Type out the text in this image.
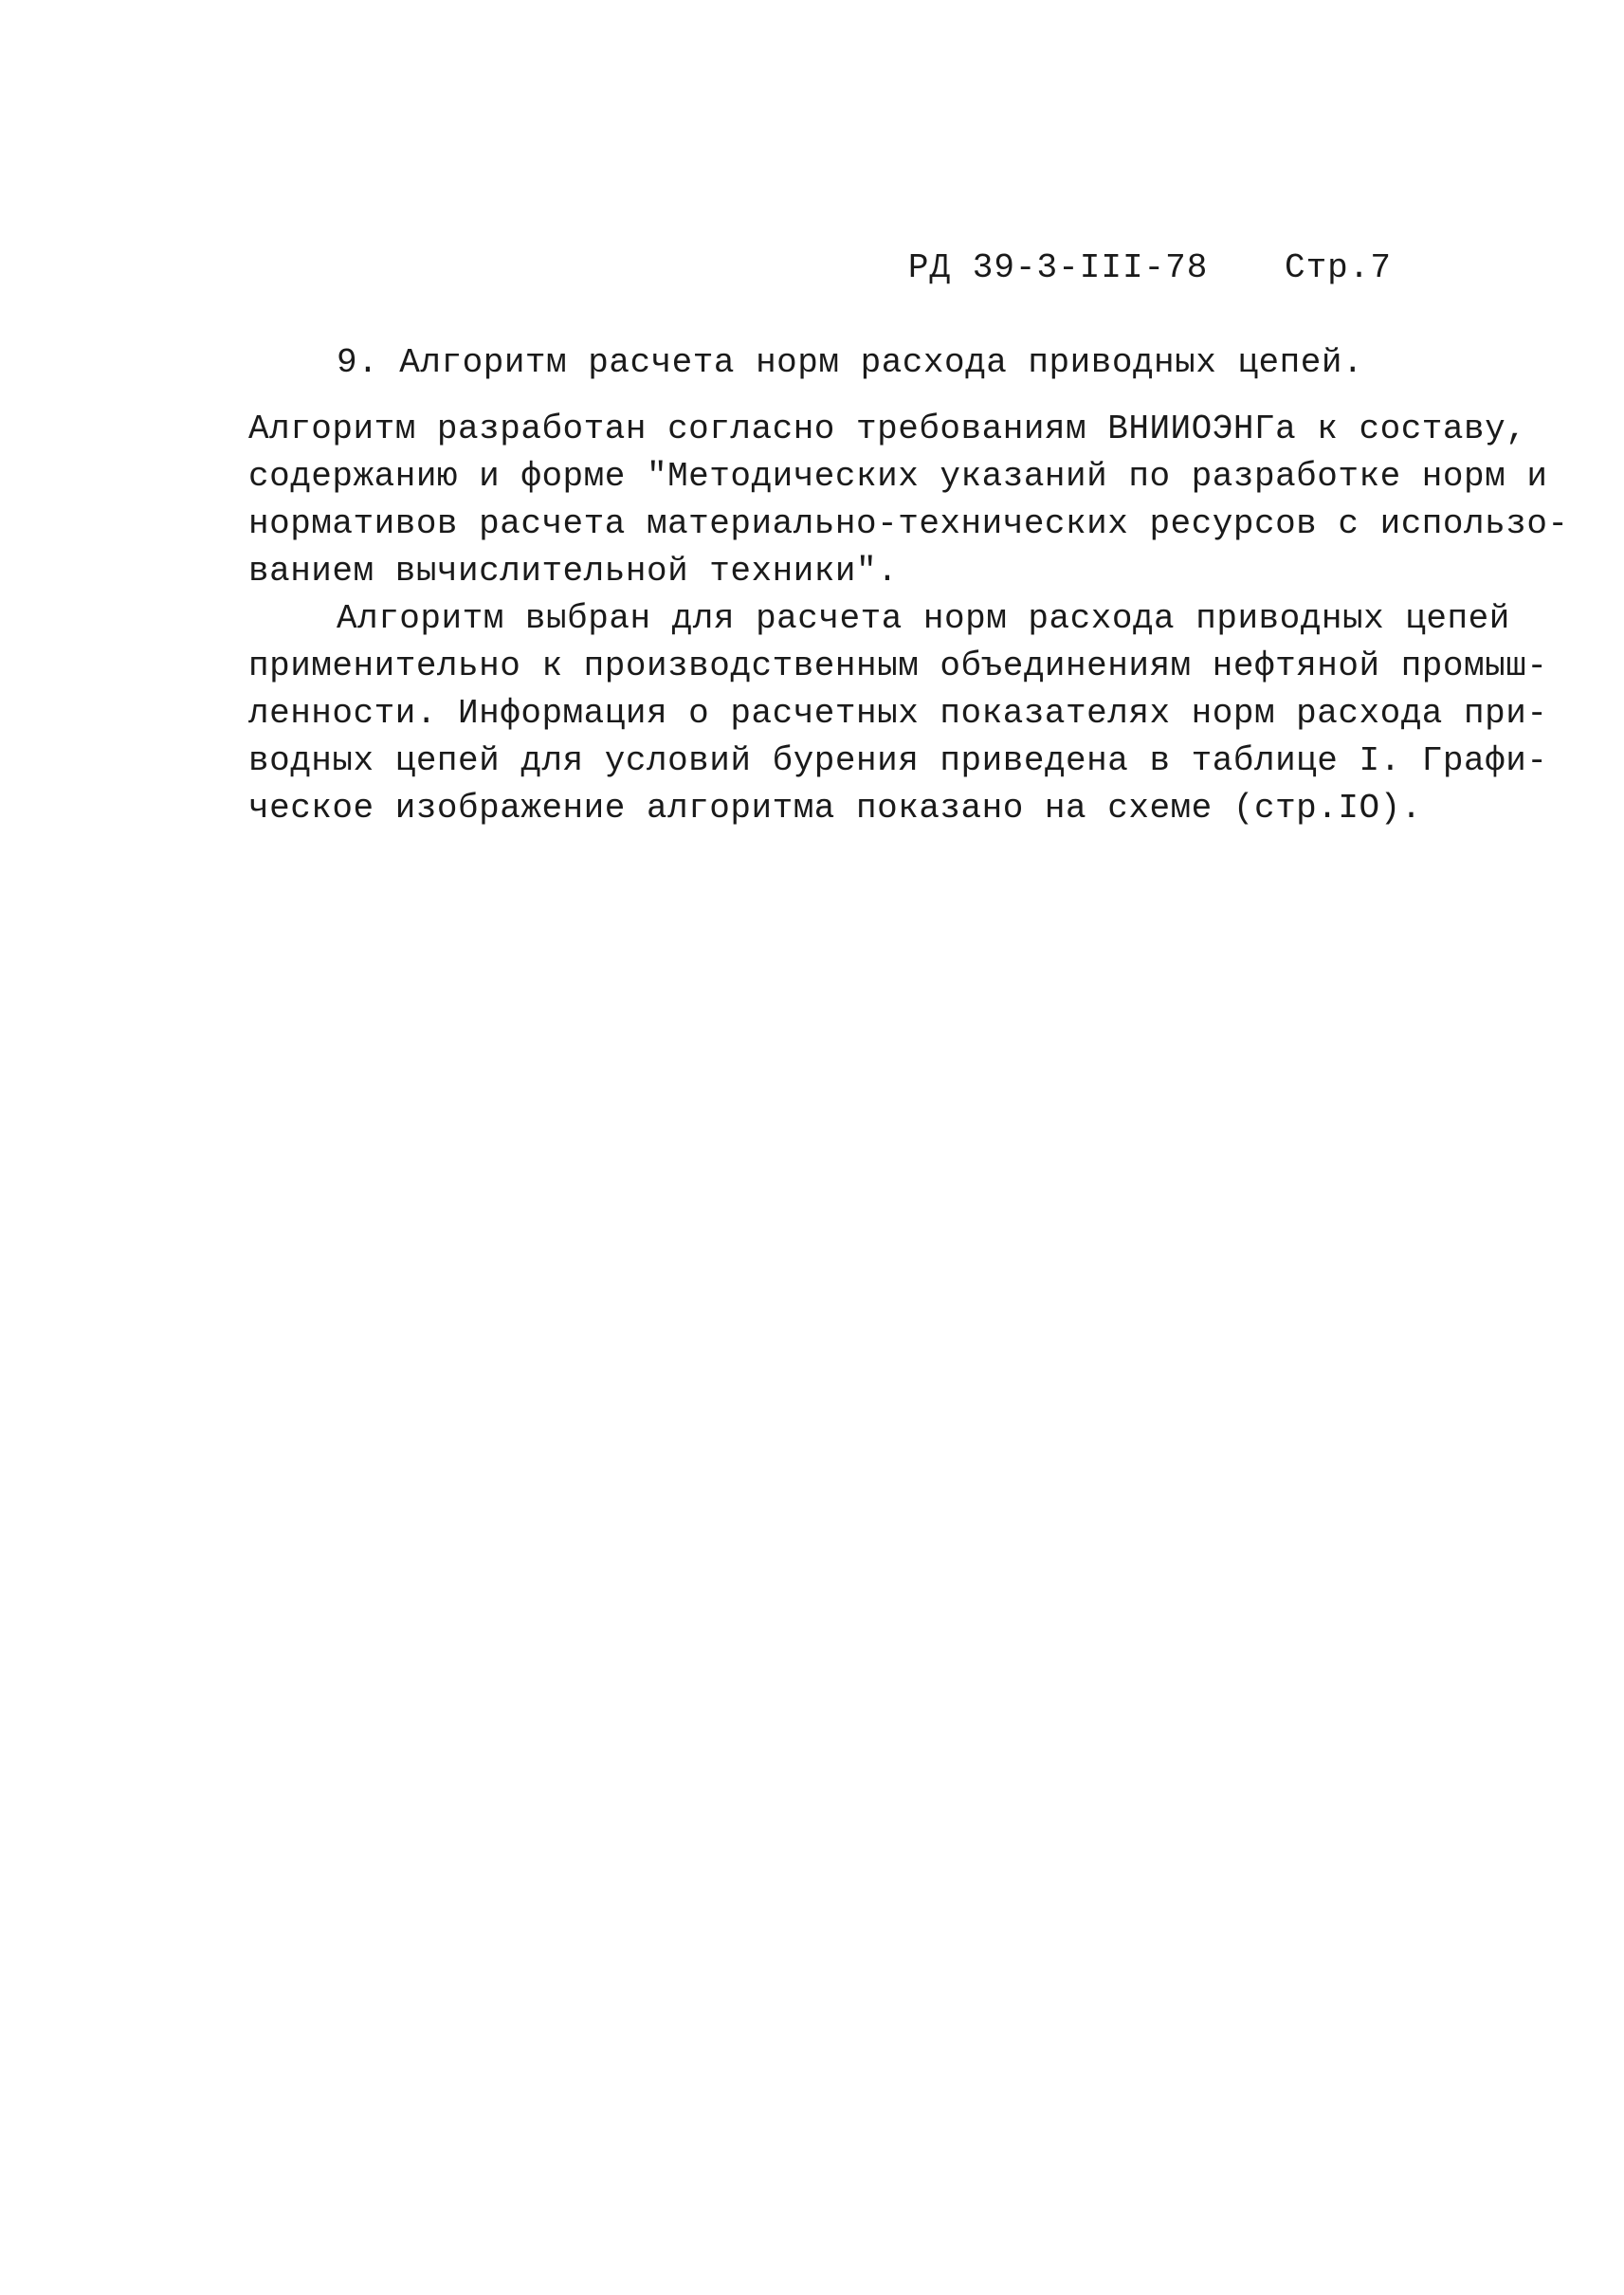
РД 39-3-III-78 Стр.7
9. Алгоритм расчета норм расхода приводных цепей.
Алгоритм разработан согласно требованиям ВНИИОЭНГа к составу,
содержанию и форме "Методических указаний по разработке норм и
нормативов расчета материально-технических ресурсов с использо-
ванием вычислительной техники".
Алгоритм выбран для расчета норм расхода приводных цепей
применительно к производственным объединениям нефтяной промыш-
ленности. Информация о расчетных показателях норм расхода при-
водных цепей для условий бурения приведена в таблице I. Графи-
ческое изображение алгоритма показано на схеме (стр.IO).
